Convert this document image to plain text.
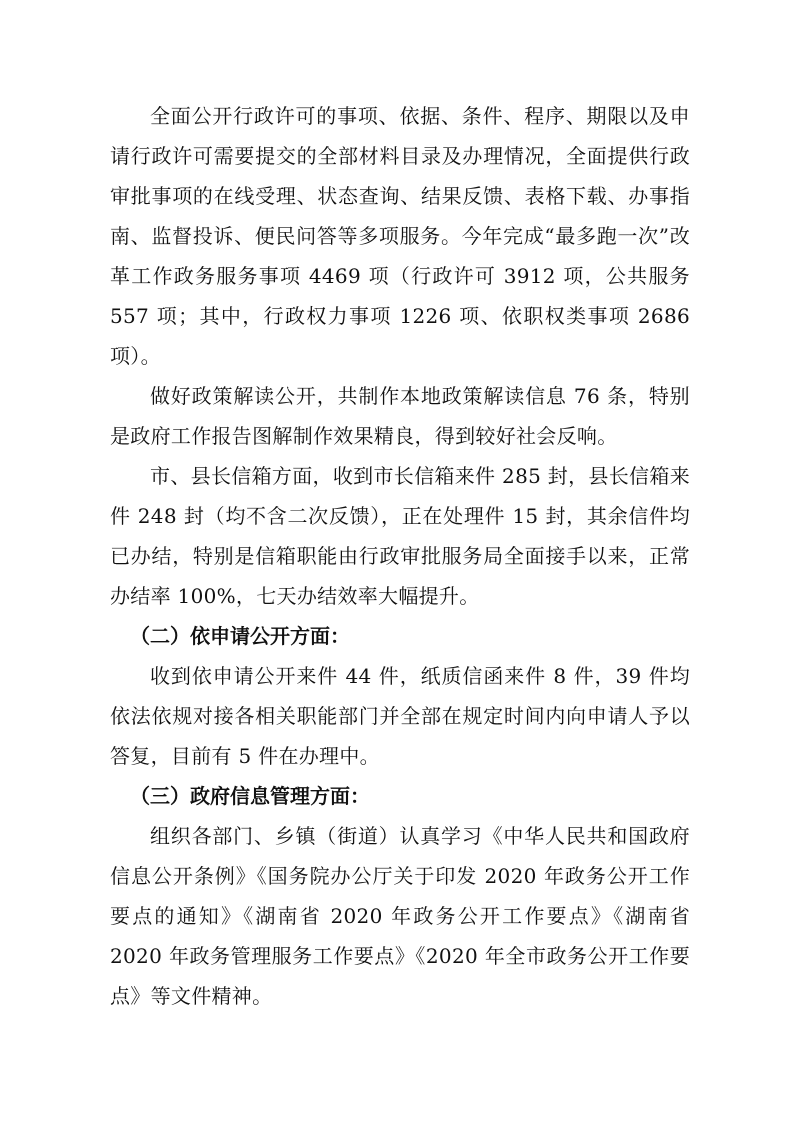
全面公开行政许可的事项、依据、条件、程序、期限以及申请行政许可需要提交的全部材料目录及办理情况，全面提供行政审批事项的在线受理、状态查询、结果反馈、表格下载、办事指南、监督投诉、便民问答等多项服务。今年完成“最多跑一次”改革工作政务服务事项 4469 项（行政许可 3912 项，公共服务 557 项；其中，行政权力事项 1226 项、依职权类事项 2686 项）。

做好政策解读公开，共制作本地政策解读信息 76 条，特别是政府工作报告图解制作效果精良，得到较好社会反响。

市、县长信箱方面，收到市长信箱来件 285 封，县长信箱来件 248 封（均不含二次反馈），正在处理件 15 封，其余信件均已办结，特别是信箱职能由行政审批服务局全面接手以来，正常办结率 100%，七天办结效率大幅提升。

（二）依申请公开方面：

收到依申请公开来件 44 件，纸质信函来件 8 件，39 件均依法依规对接各相关职能部门并全部在规定时间内向申请人予以答复，目前有 5 件在办理中。

（三）政府信息管理方面：

组织各部门、乡镇（街道）认真学习《中华人民共和国政府信息公开条例》《国务院办公厅关于印发 2020 年政务公开工作要点的通知》《湖南省 2020 年政务公开工作要点》《湖南省 2020 年政务管理服务工作要点》《2020 年全市政务公开工作要点》等文件精神。
